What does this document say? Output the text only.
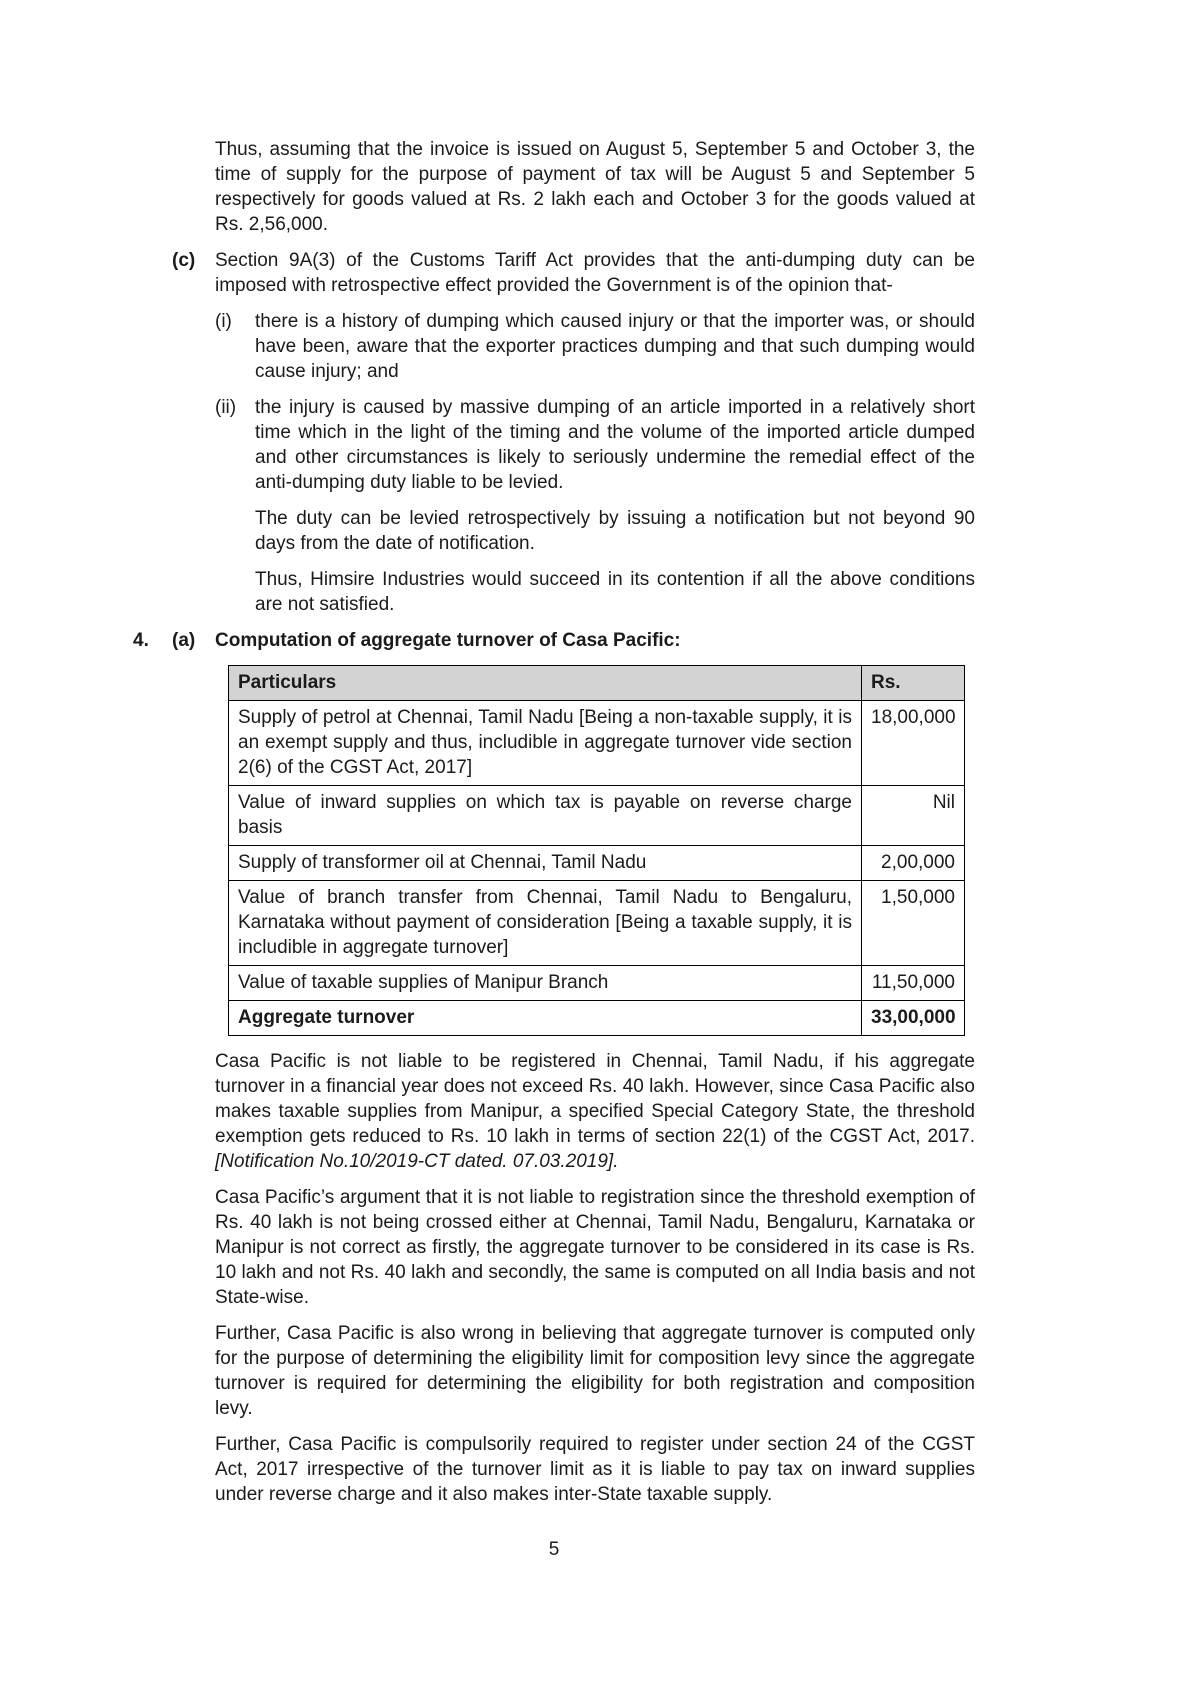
Thus, assuming that the invoice is issued on August 5, September 5 and October 3, the time of supply for the purpose of payment of tax will be August 5 and September 5 respectively for goods valued at Rs. 2 lakh each and October 3 for the goods valued at Rs. 2,56,000.

(c)	Section 9A(3) of the Customs Tariff Act provides that the anti-dumping duty can be imposed with retrospective effect provided the Government is of the opinion that-

(i)	there is a history of dumping which caused injury or that the importer was, or should have been, aware that the exporter practices dumping and that such dumping would cause injury; and

(ii) the injury is caused by massive dumping of an article imported in a relatively short time which in the light of the timing and the volume of the imported article dumped and other circumstances is likely to seriously undermine the remedial effect of the anti-dumping duty liable to be levied.

The duty can be levied retrospectively by issuing a notification but not beyond 90 days from the date of notification.

Thus, Himsire Industries would succeed in its contention if all the above conditions are not satisfied.

4.	(a)	Computation of aggregate turnover of Casa Pacific:
Particulars	Rs.
Supply of petrol at Chennai, Tamil Nadu [Being a non-taxable supply, it is an exempt supply and thus, includible in aggregate turnover vide section 2(6) of the CGST Act, 2017]	18,00,000
Value of inward supplies on which tax is payable on reverse charge basis	Nil
Supply of transformer oil at Chennai, Tamil Nadu	2,00,000
Value of branch transfer from Chennai, Tamil Nadu to Bengaluru, Karnataka without payment of consideration [Being a taxable supply, it is includible in aggregate turnover]	1,50,000
Value of taxable supplies of Manipur Branch	11,50,000
Aggregate turnover	33,00,000

Casa Pacific is not liable to be registered in Chennai, Tamil Nadu, if his aggregate turnover in a financial year does not exceed Rs. 40 lakh. However, since Casa Pacific also makes taxable supplies from Manipur, a specified Special Category State, the threshold exemption gets reduced to Rs. 10 lakh in terms of section 22(1) of the CGST Act, 2017. [Notification No.10/2019-CT dated. 07.03.2019].

Casa Pacific’s argument that it is not liable to registration since the threshold exemption of Rs. 40 lakh is not being crossed either at Chennai, Tamil Nadu, Bengaluru, Karnataka or Manipur is not correct as firstly, the aggregate turnover to be considered in its case is Rs. 10 lakh and not Rs. 40 lakh and secondly, the same is computed on all India basis and not State-wise.

Further, Casa Pacific is also wrong in believing that aggregate turnover is computed only for the purpose of determining the eligibility limit for composition levy since the aggregate turnover is required for determining the eligibility for both registration and composition levy.

Further, Casa Pacific is compulsorily required to register under section 24 of the CGST Act, 2017 irrespective of the turnover limit as it is liable to pay tax on inward supplies under reverse charge and it also makes inter-State taxable supply.

5
